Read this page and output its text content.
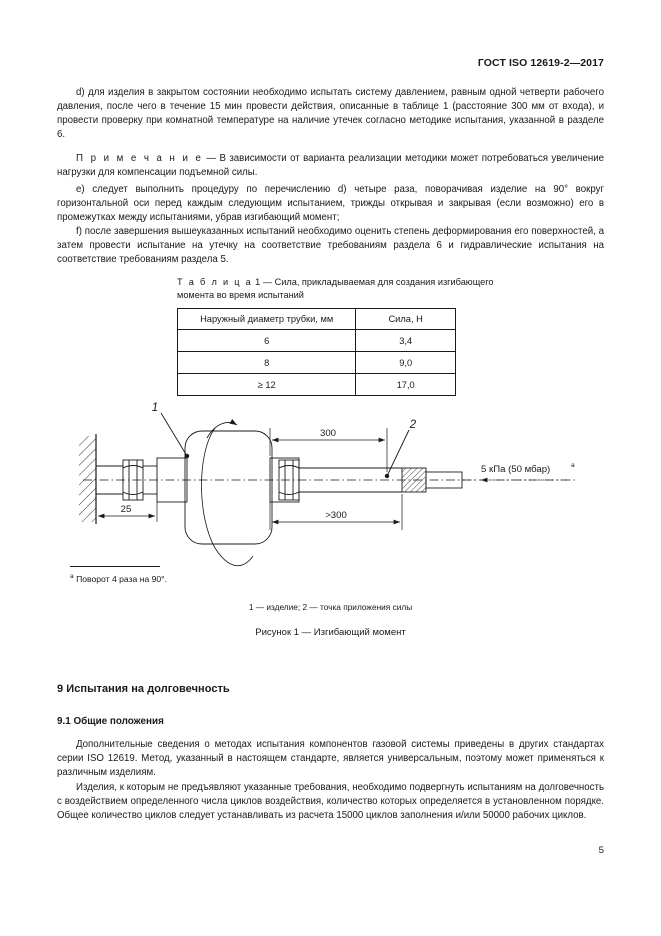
ГОСТ ISO 12619-2—2017

d) для изделия в закрытом состоянии необходимо испытать систему давлением, равным одной четверти рабочего давления, после чего в течение 15 мин провести действия, описанные в таблице 1 (расстояние 300 мм от входа), и провести проверку при комнатной температуре на наличие утечек согласно методике испытания, указанной в разделе 6.

П р и м е ч а н и е — В зависимости от варианта реализации методики может потребоваться увеличение нагрузки для компенсации подъемной силы.

e) следует выполнить процедуру по перечислению d) четыре раза, поворачивая изделие на 90° вокруг горизонтальной оси перед каждым следующим испытанием, трижды открывая и закрывая (если возможно) его в промежутках между испытаниями, убрав изгибающий момент;

f) после завершения вышеуказанных испытаний необходимо оценить степень деформирования его поверхностей, а затем провести испытание на утечку на соответствие требованиям раздела 6 и гидравлические испытания на соответствие требованиям раздела 5.

Т а б л и ц а 1 — Сила, прикладываемая для создания изгибающего момента во время испытаний
Наружный диаметр трубки, мм	Сила, Н
6	3,4
8	9,0
≥ 12	17,0
1
2
25
300
>300
5 кПа (50 мбар)	a
$^a$ Поворот 4 раза на 90°.
1 — изделие; 2 — точка приложения силы
Рисунок 1 — Изгибающий момент
9 Испытания на долговечность
9.1 Общие положения

Дополнительные сведения о методах испытания компонентов газовой системы приведены в других стандартах серии ISO 12619. Метод, указанный в настоящем стандарте, является универсальным, поэтому может применяться к различным изделиям.

Изделия, к которым не предъявляют указанные требования, необходимо подвергнуть испытаниям на долговечность с воздействием определенного числа циклов воздействия, количество которых определяется в установленном порядке. Общее количество циклов следует устанавливать из расчета 15000 циклов заполнения и/или 50000 рабочих циклов.

5
